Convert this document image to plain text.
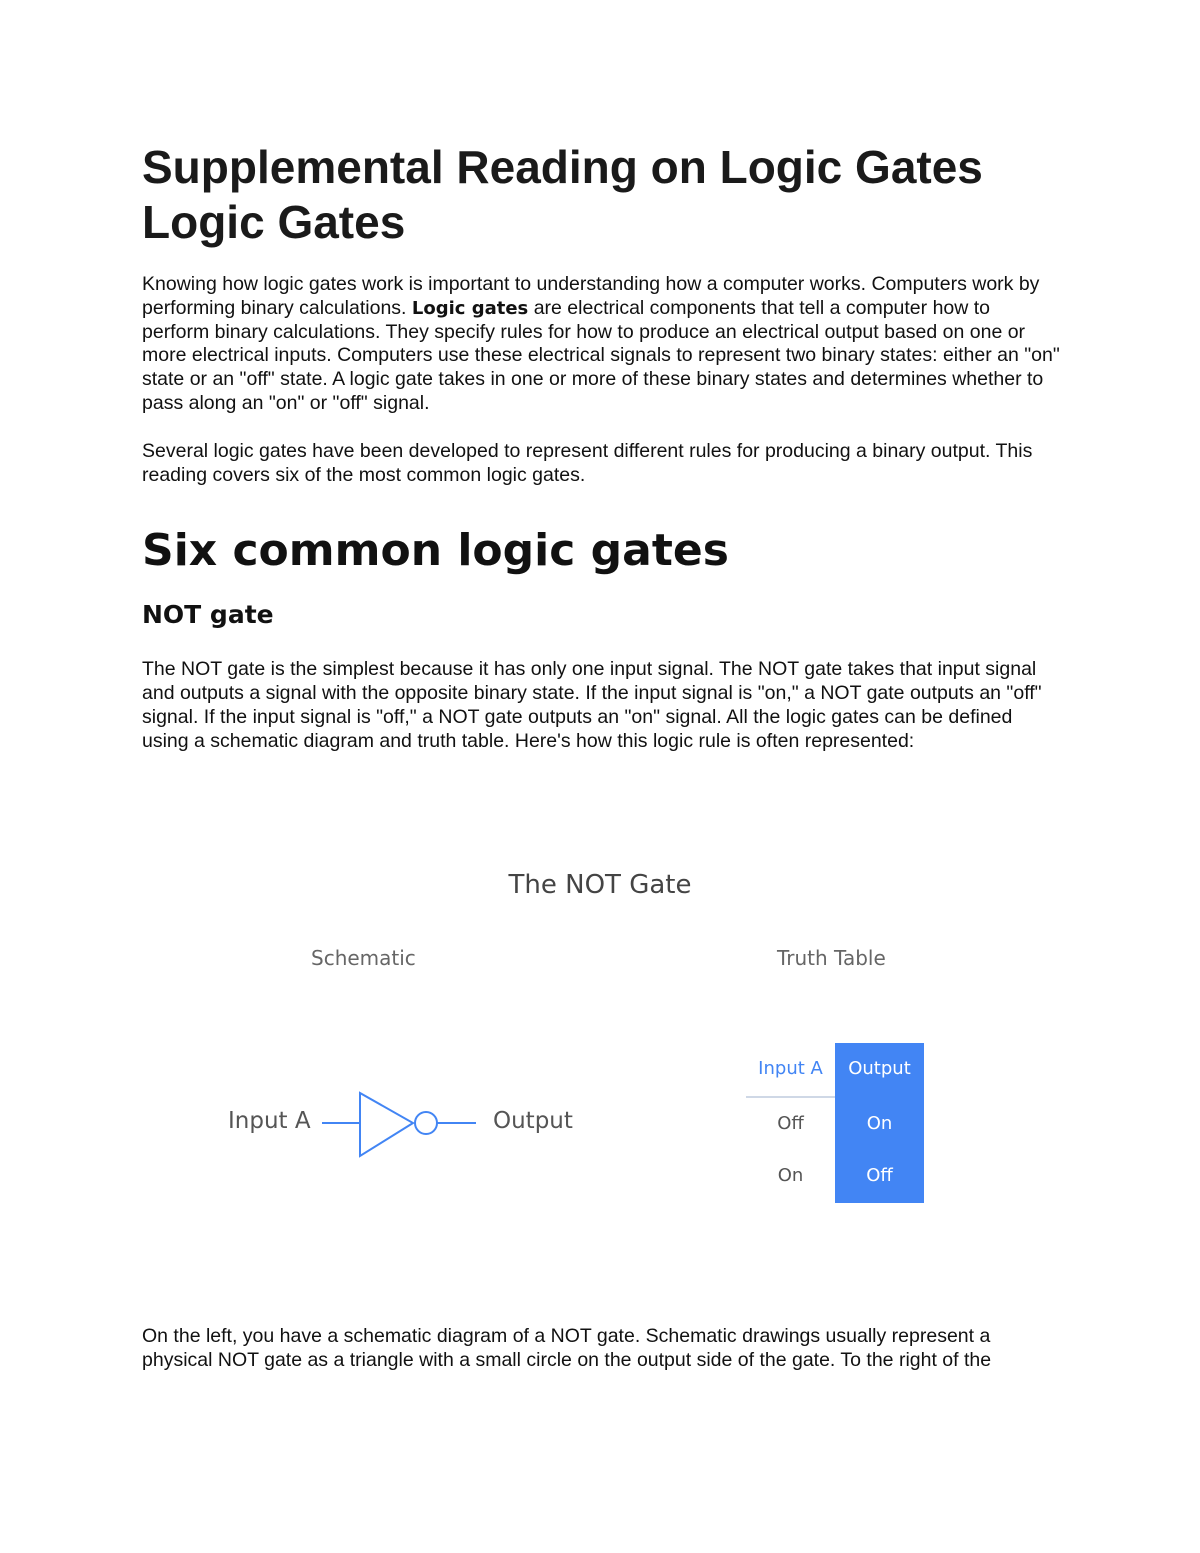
Supplemental Reading on Logic Gates
Logic Gates

Knowing how logic gates work is important to understanding how a computer works. Computers work by performing binary calculations. Logic gates are electrical components that tell a computer how to perform binary calculations. They specify rules for how to produce an electrical output based on one or more electrical inputs. Computers use these electrical signals to represent two binary states: either an "on" state or an "off" state. A logic gate takes in one or more of these binary states and determines whether to pass along an "on" or "off" signal.

Several logic gates have been developed to represent different rules for producing a binary output. This reading covers six of the most common logic gates.

Six common logic gates
NOT gate

The NOT gate is the simplest because it has only one input signal. The NOT gate takes that input signal and outputs a signal with the opposite binary state. If the input signal is "on," a NOT gate outputs an "off" signal. If the input signal is "off," a NOT gate outputs an "on" signal. All the logic gates can be defined using a schematic diagram and truth table. Here's how this logic rule is often represented:

The NOT Gate
Schematic	Truth Table
Input A	Output
Input A	Output
Off	On
On	Off

On the left, you have a schematic diagram of a NOT gate. Schematic drawings usually represent a physical NOT gate as a triangle with a small circle on the output side of the gate. To the right of the
